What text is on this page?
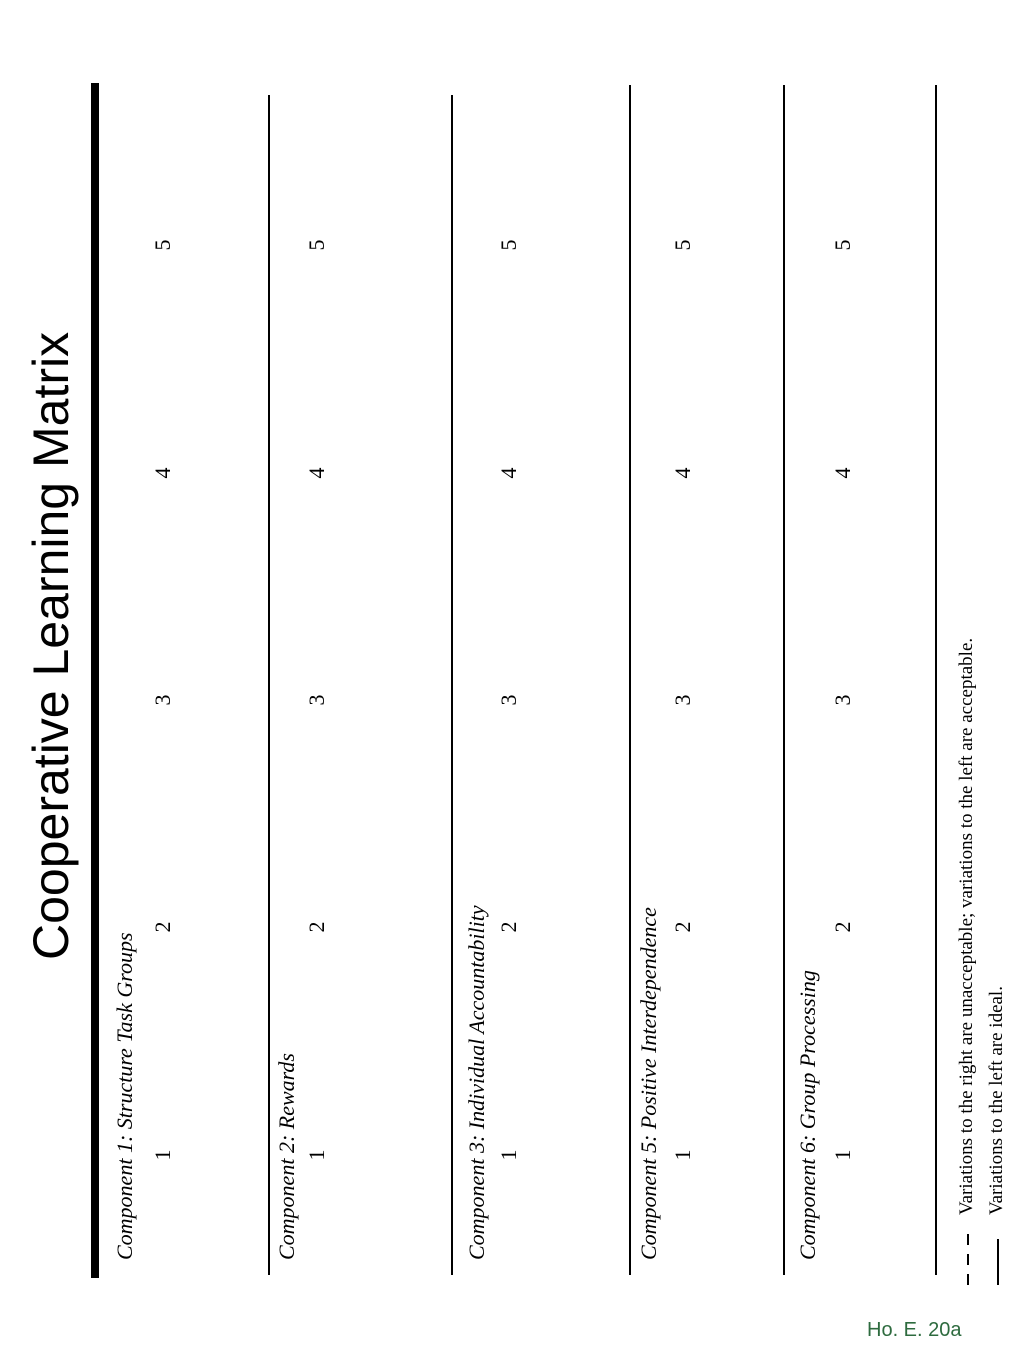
Cooperative Learning Matrix
Component 1: Structure Task Groups 1
2
3
4
5
Component 2: Rewards 1
2
3
4
5
Component 3: Individual Accountability 1
2
3
4
5
Component 5: Positive Interdependence 1
2
3
4
5
Component 6: Group Processing 1
2
3
4
5
Variations to the right are unacceptable; variations to the left are acceptable. Variations to the left are ideal.
Ho. E. 20a
